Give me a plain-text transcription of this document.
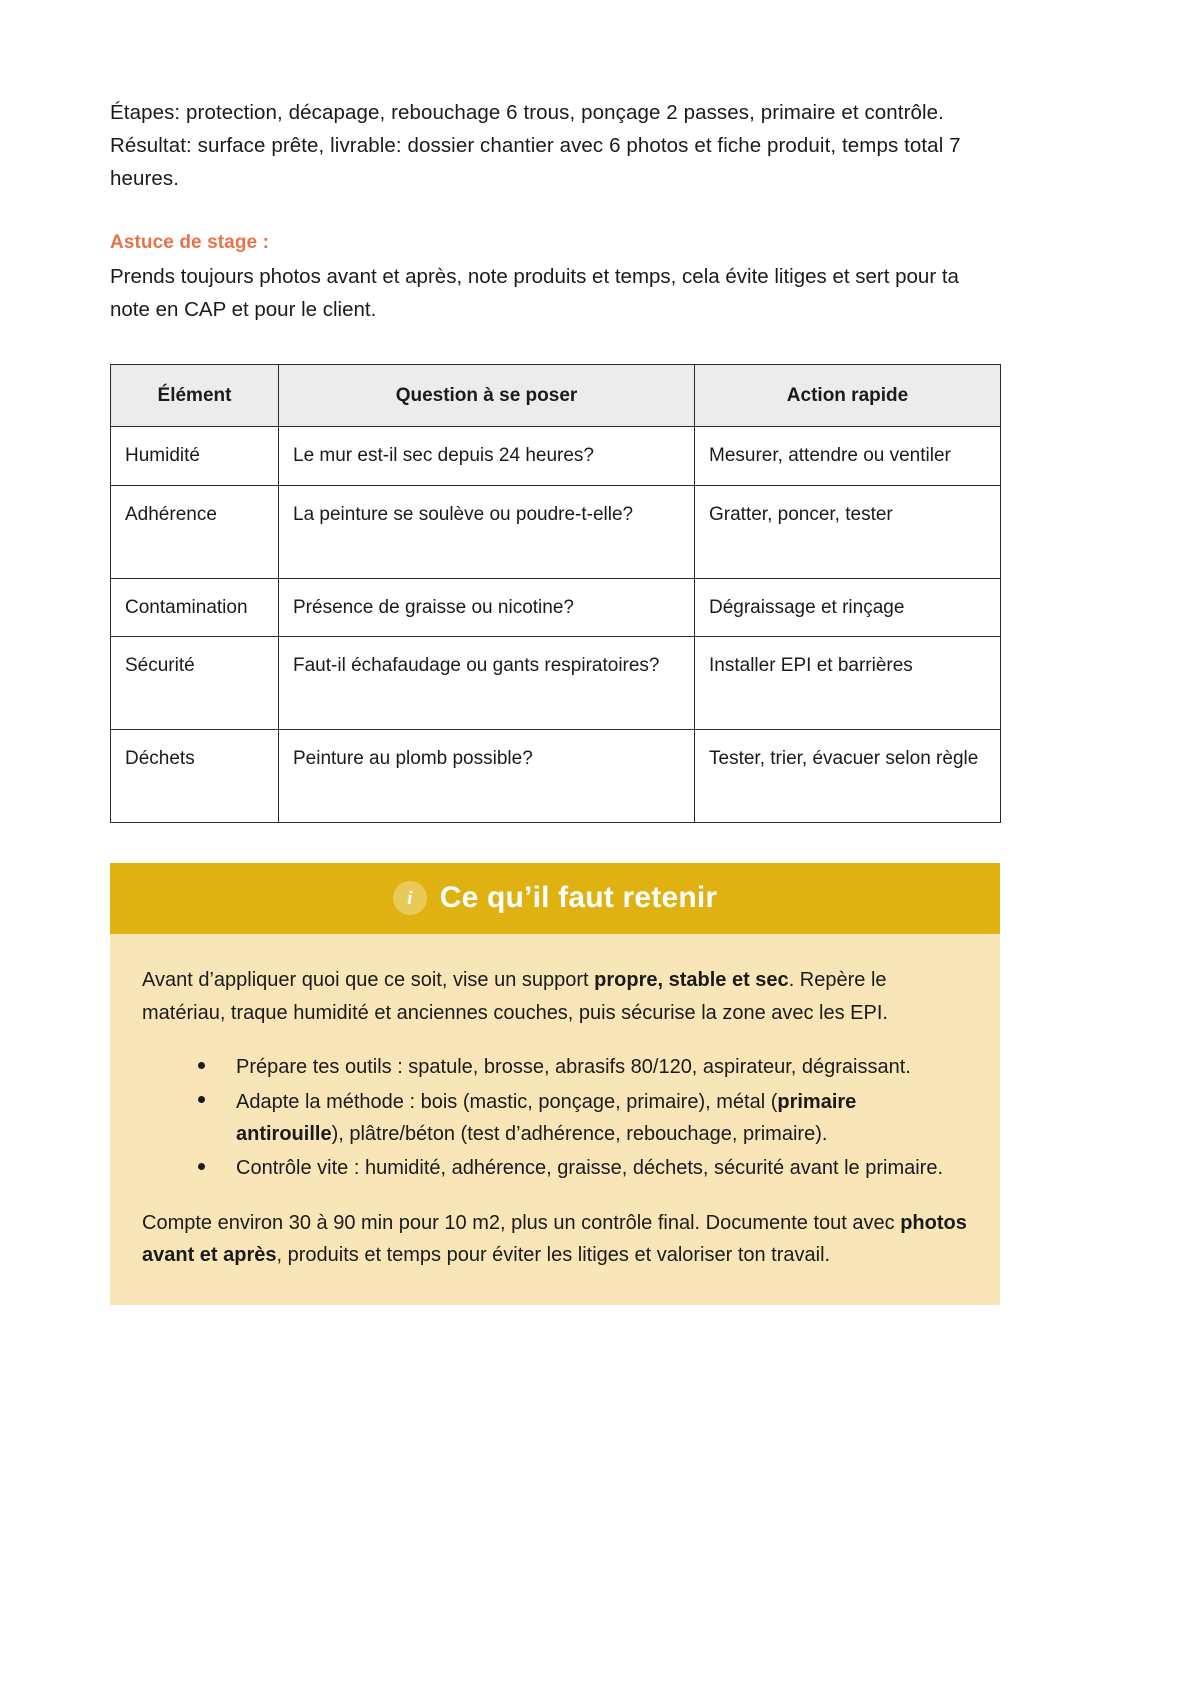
Étapes: protection, décapage, rebouchage 6 trous, ponçage 2 passes, primaire et contrôle. Résultat: surface prête, livrable: dossier chantier avec 6 photos et fiche produit, temps total 7 heures.

Astuce de stage :

Prends toujours photos avant et après, note produits et temps, cela évite litiges et sert pour ta note en CAP et pour le client.

Élément	Question à se poser	Action rapide
Humidité	Le mur est-il sec depuis 24 heures?	Mesurer, attendre ou ventiler
Adhérence	La peinture se soulève ou poudre-t-elle?	Gratter, poncer, tester
Contamination	Présence de graisse ou nicotine?	Dégraissage et rinçage
Sécurité	Faut-il échafaudage ou gants respiratoires?	Installer EPI et barrières
Déchets	Peinture au plomb possible?	Tester, trier, évacuer selon règle
i Ce qu’il faut retenir

Avant d’appliquer quoi que ce soit, vise un support propre, stable et sec. Repère le matériau, traque humidité et anciennes couches, puis sécurise la zone avec les EPI.

Prépare tes outils : spatule, brosse, abrasifs 80/120, aspirateur, dégraissant.
Adapte la méthode : bois (mastic, ponçage, primaire), métal (primaire antirouille), plâtre/béton (test d’adhérence, rebouchage, primaire).
Contrôle vite : humidité, adhérence, graisse, déchets, sécurité avant le primaire.

Compte environ 30 à 90 min pour 10 m2, plus un contrôle final. Documente tout avec photos avant et après, produits et temps pour éviter les litiges et valoriser ton travail.
